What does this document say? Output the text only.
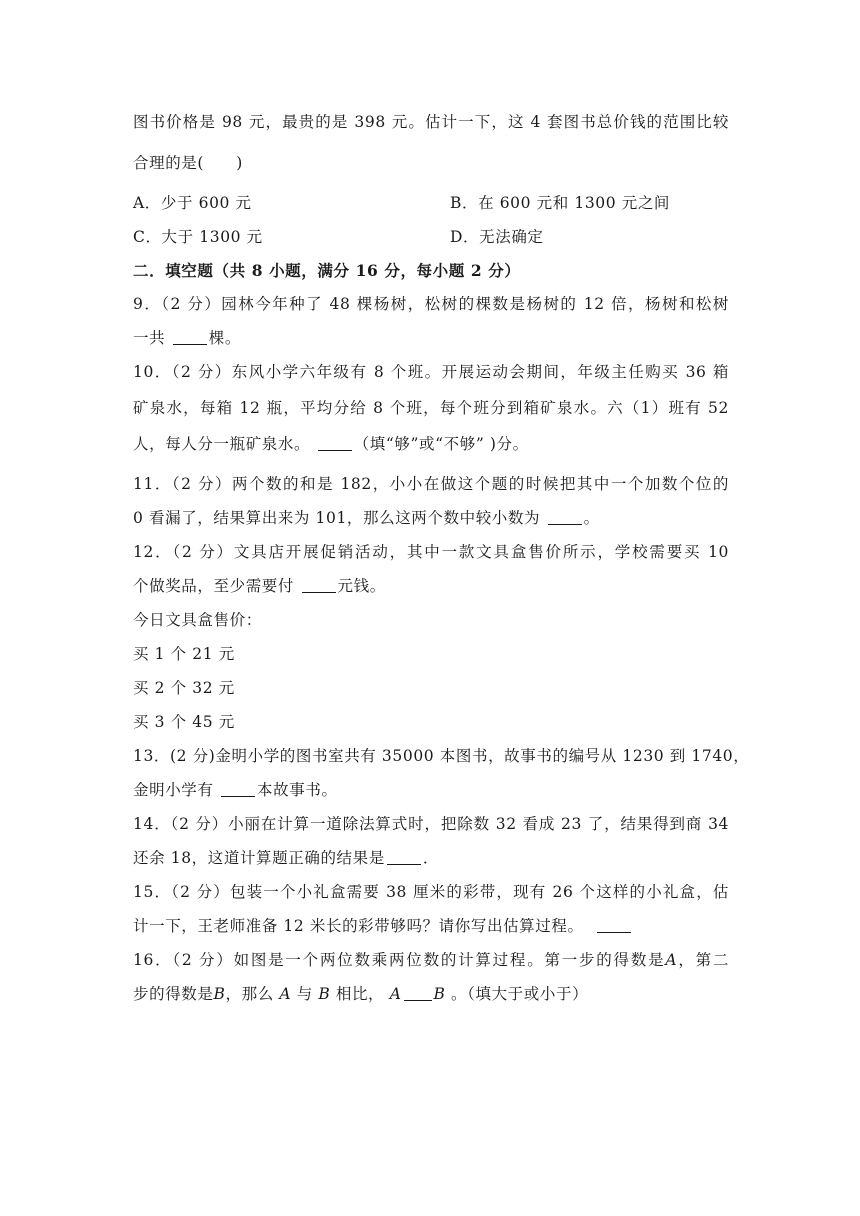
图书价格是 98 元，最贵的是 398 元。估计一下，这 4 套图书总价钱的范围比较
合理的是(　　)
A．少于 600 元	B．在 600 元和 1300 元之间
C．大于 1300 元	D．无法确定
二．填空题（共 8 小题，满分 16 分，每小题 2 分）
9．（2 分）园林今年种了 48 棵杨树，松树的棵数是杨树的 12 倍，杨树和松树
一共	棵。
10．（2 分）东风小学六年级有 8 个班。开展运动会期间，年级主任购买 36 箱
矿泉水，每箱 12 瓶，平均分给 8 个班，每个班分到箱矿泉水。六（1）班有 52
人，每人分一瓶矿泉水。	（填“够”或“不够” )分。
11．（2 分）两个数的和是 182，小小在做这个题的时候把其中一个加数个位的
0 看漏了，结果算出来为 101，那么这两个数中较小数为	。
12．（2 分）文具店开展促销活动，其中一款文具盒售价所示，学校需要买 10
个做奖品，至少需要付	元钱。
今日文具盒售价：
买 1 个 21 元
买 2 个 32 元
买 3 个 45 元
13．(2 分)金明小学的图书室共有 35000 本图书，故事书的编号从 1230 到 1740，
金明小学有	本故事书。
14．（2 分）小丽在计算一道除法算式时，把除数 32 看成 23 了，结果得到商 34
还余 18，这道计算题正确的结果是 ．
15．（2 分）包装一个小礼盒需要 38 厘米的彩带，现有 26 个这样的小礼盒，估
计一下，王老师准备 12 米长的彩带够吗？请你写出估算过程。
16．（2 分）如图是一个两位数乘两位数的计算过程。第一步的得数是A，第二
步的得数是B，那么 A 与 B 相比， A B 。（填大于或小于）
